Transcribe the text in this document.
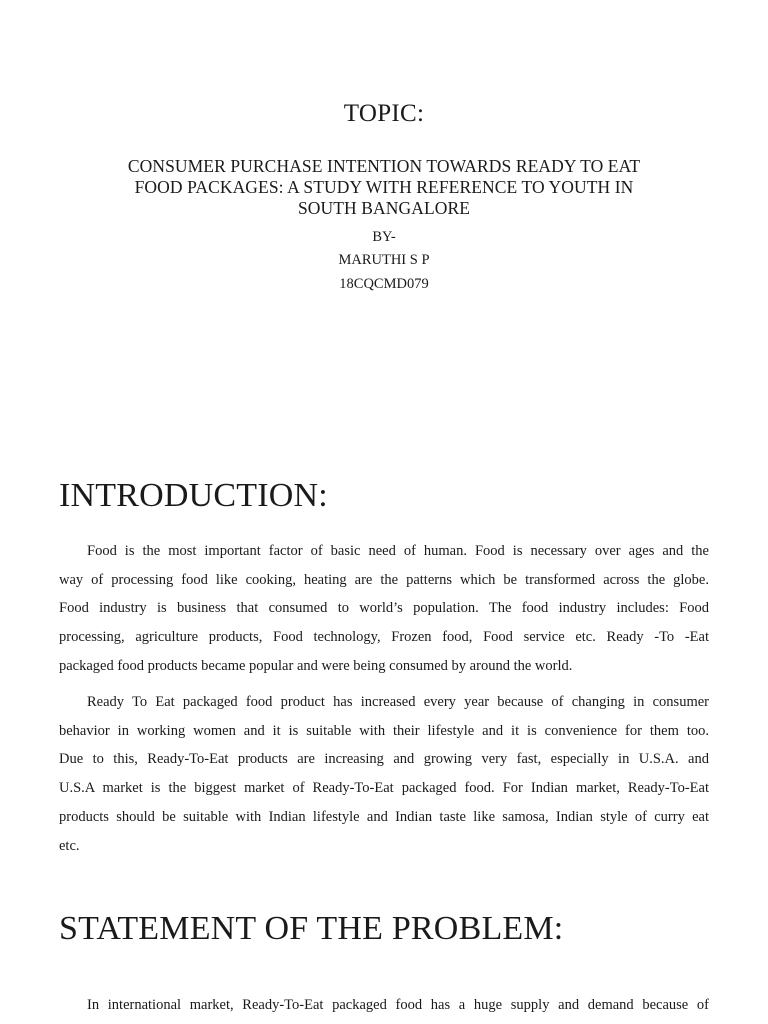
TOPIC:
CONSUMER PURCHASE INTENTION TOWARDS READY TO EAT
FOOD PACKAGES: A STUDY WITH REFERENCE TO YOUTH IN
SOUTH BANGALORE
BY-
MARUTHI S P
18CQCMD079
INTRODUCTION:
Food is the most important factor of basic need of human. Food is necessary over ages and the
way of processing food like cooking, heating are the patterns which be transformed across the globe.
Food industry is business that consumed to world’s population. The food industry includes: Food
processing, agriculture products, Food technology, Frozen food, Food service etc. Ready -To -Eat
packaged food products became popular and were being consumed by around the world.
Ready To Eat packaged food product has increased every year because of changing in consumer
behavior in working women and it is suitable with their lifestyle and it is convenience for them too.
Due to this, Ready-To-Eat products are increasing and growing very fast, especially in U.S.A. and
U.S.A market is the biggest market of Ready-To-Eat packaged food. For Indian market, Ready-To-Eat
products should be suitable with Indian lifestyle and Indian taste like samosa, Indian style of curry eat
etc.
STATEMENT OF THE PROBLEM:
In international market, Ready-To-Eat packaged food has a huge supply and demand because of
